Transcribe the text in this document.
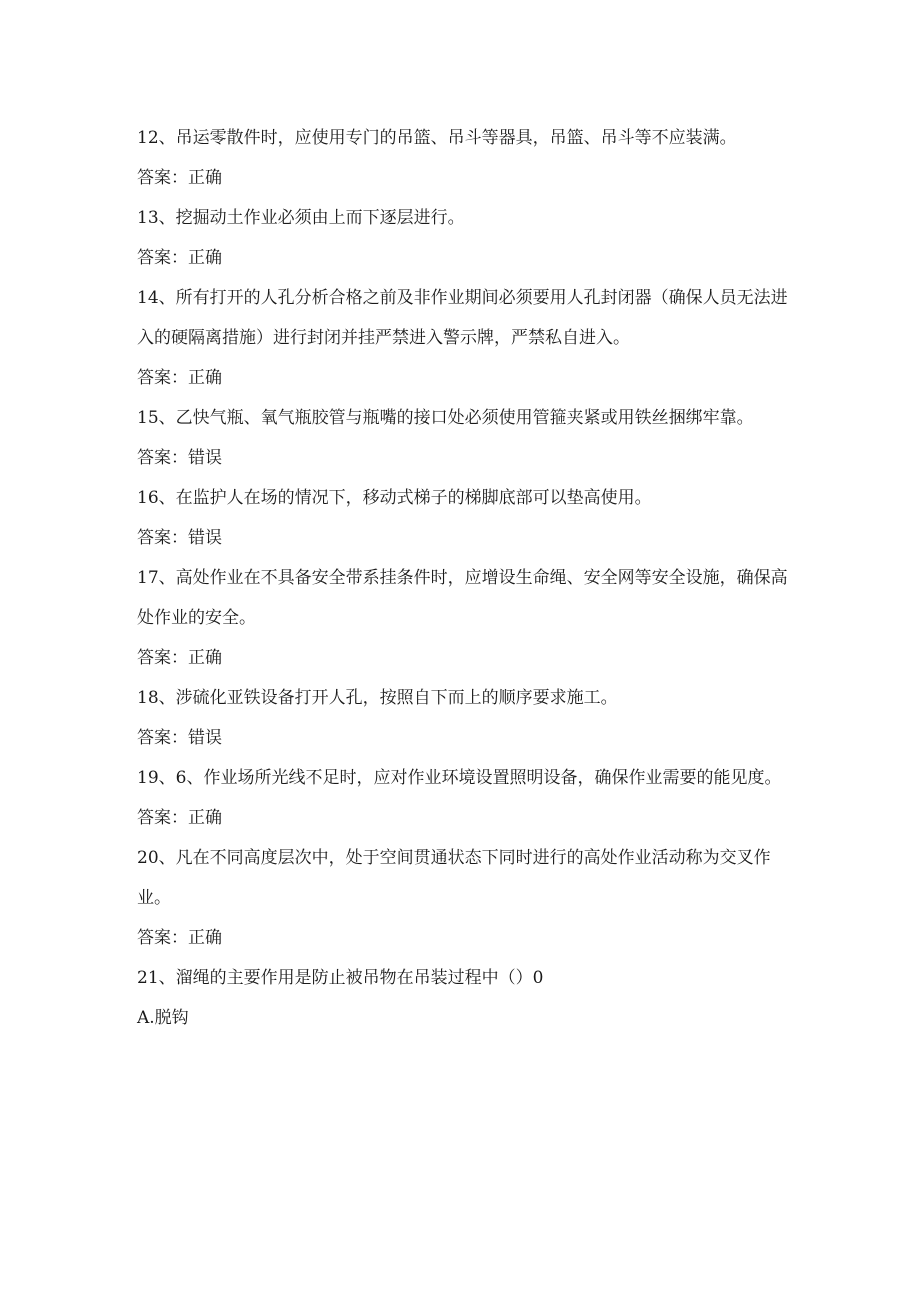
12、吊运零散件时，应使用专门的吊篮、吊斗等器具，吊篮、吊斗等不应装满。

答案：正确

13、挖掘动土作业必须由上而下逐层进行。

答案：正确

14、所有打开的人孔分析合格之前及非作业期间必须要用人孔封闭器（确保人员无法进入的硬隔离措施）进行封闭并挂严禁进入警示牌，严禁私自进入。

答案：正确

15、乙快气瓶、氧气瓶胶管与瓶嘴的接口处必须使用管箍夹紧或用铁丝捆绑牢靠。

答案：错误

16、在监护人在场的情况下，移动式梯子的梯脚底部可以垫高使用。

答案：错误

17、高处作业在不具备安全带系挂条件时，应增设生命绳、安全网等安全设施，确保高处作业的安全。

答案：正确

18、涉硫化亚铁设备打开人孔，按照自下而上的顺序要求施工。

答案：错误

19、6、作业场所光线不足时，应对作业环境设置照明设备，确保作业需要的能见度。

答案：正确

20、凡在不同高度层次中，处于空间贯通状态下同时进行的高处作业活动称为交叉作业。

答案：正确

21、溜绳的主要作用是防止被吊物在吊装过程中（）0

A.脱钩
